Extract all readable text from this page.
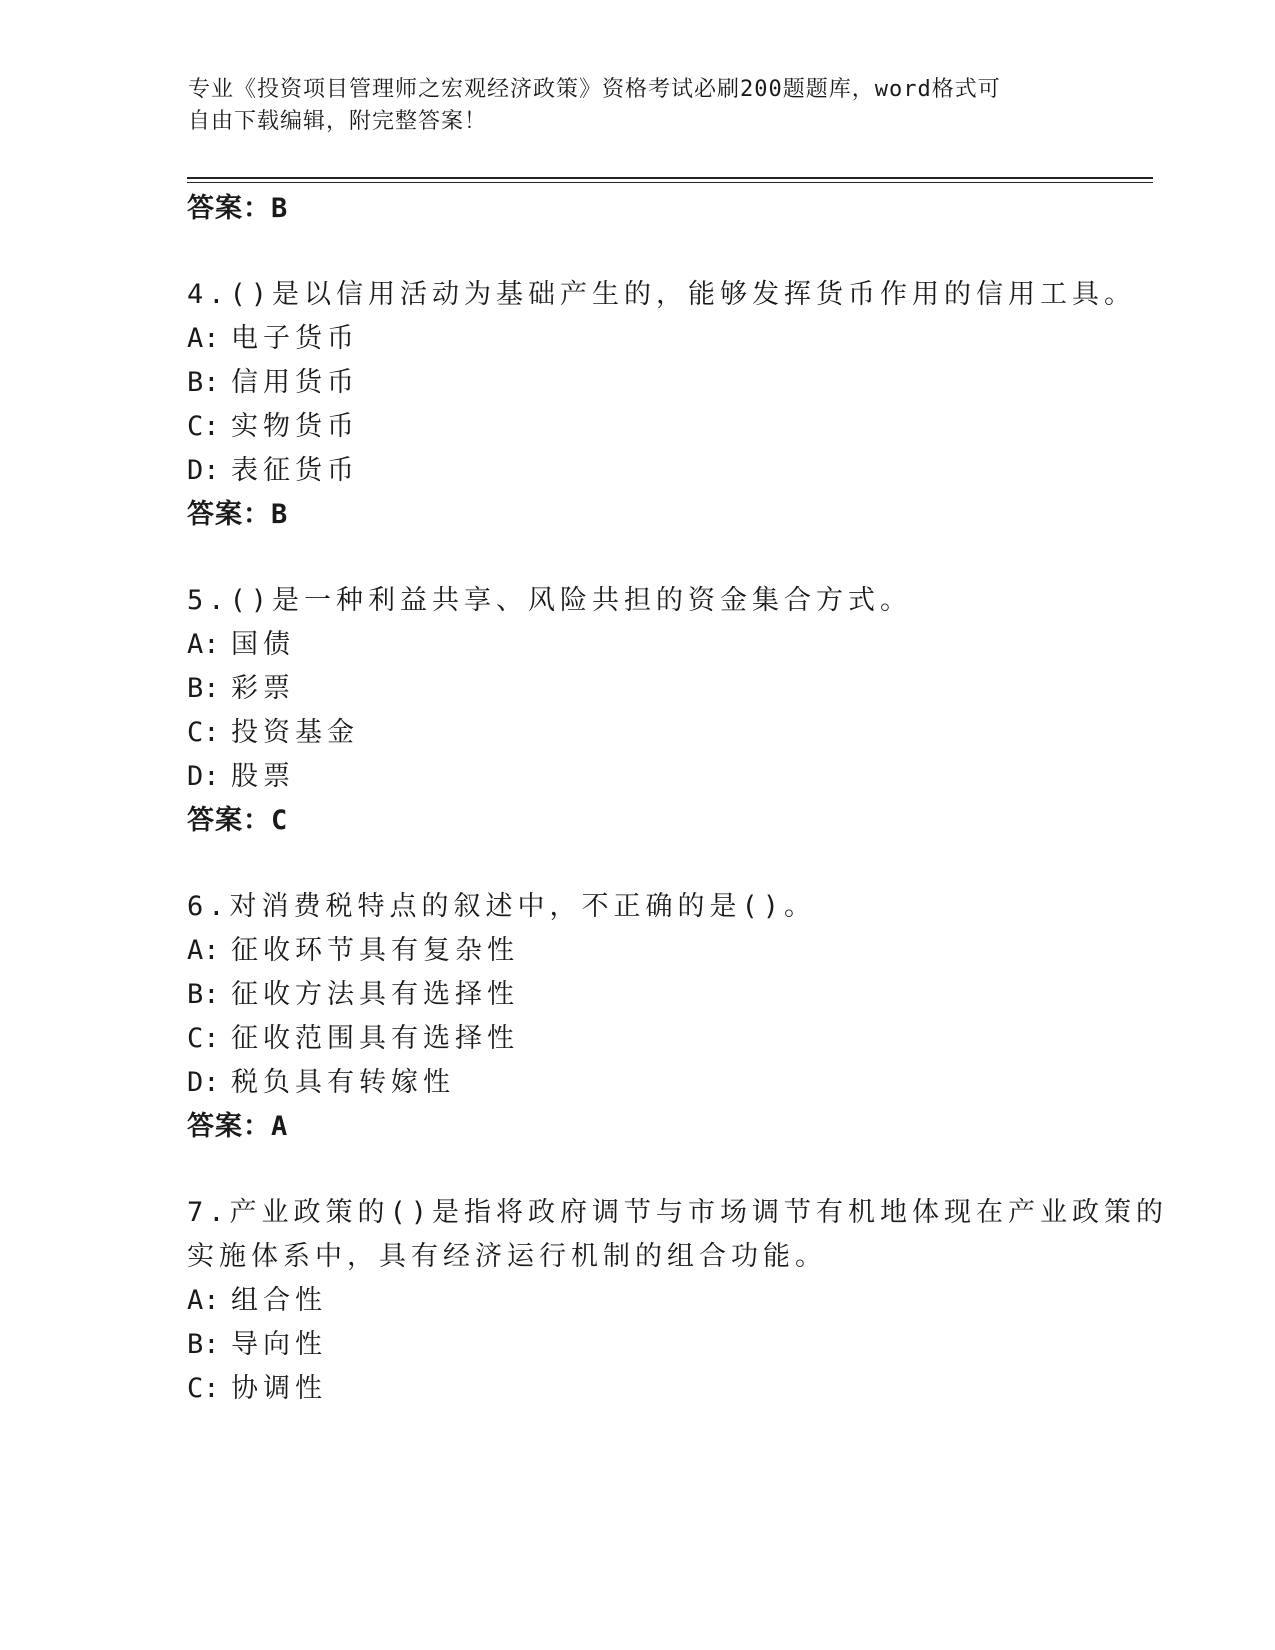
专业《投资项目管理师之宏观经济政策》资格考试必刷200题题库，word格式可
自由下载编辑，附完整答案！
答案：B
4.()是以信用活动为基础产生的，能够发挥货币作用的信用工具。
A: 电子货币
B: 信用货币
C: 实物货币
D: 表征货币
答案：B
5.()是一种利益共享、风险共担的资金集合方式。
A: 国债
B: 彩票
C: 投资基金
D: 股票
答案：C
6.对消费税特点的叙述中，不正确的是()。
A: 征收环节具有复杂性
B: 征收方法具有选择性
C: 征收范围具有选择性
D: 税负具有转嫁性
答案：A
7.产业政策的()是指将政府调节与市场调节有机地体现在产业政策的
实施体系中，具有经济运行机制的组合功能。
A: 组合性
B: 导向性
C: 协调性
